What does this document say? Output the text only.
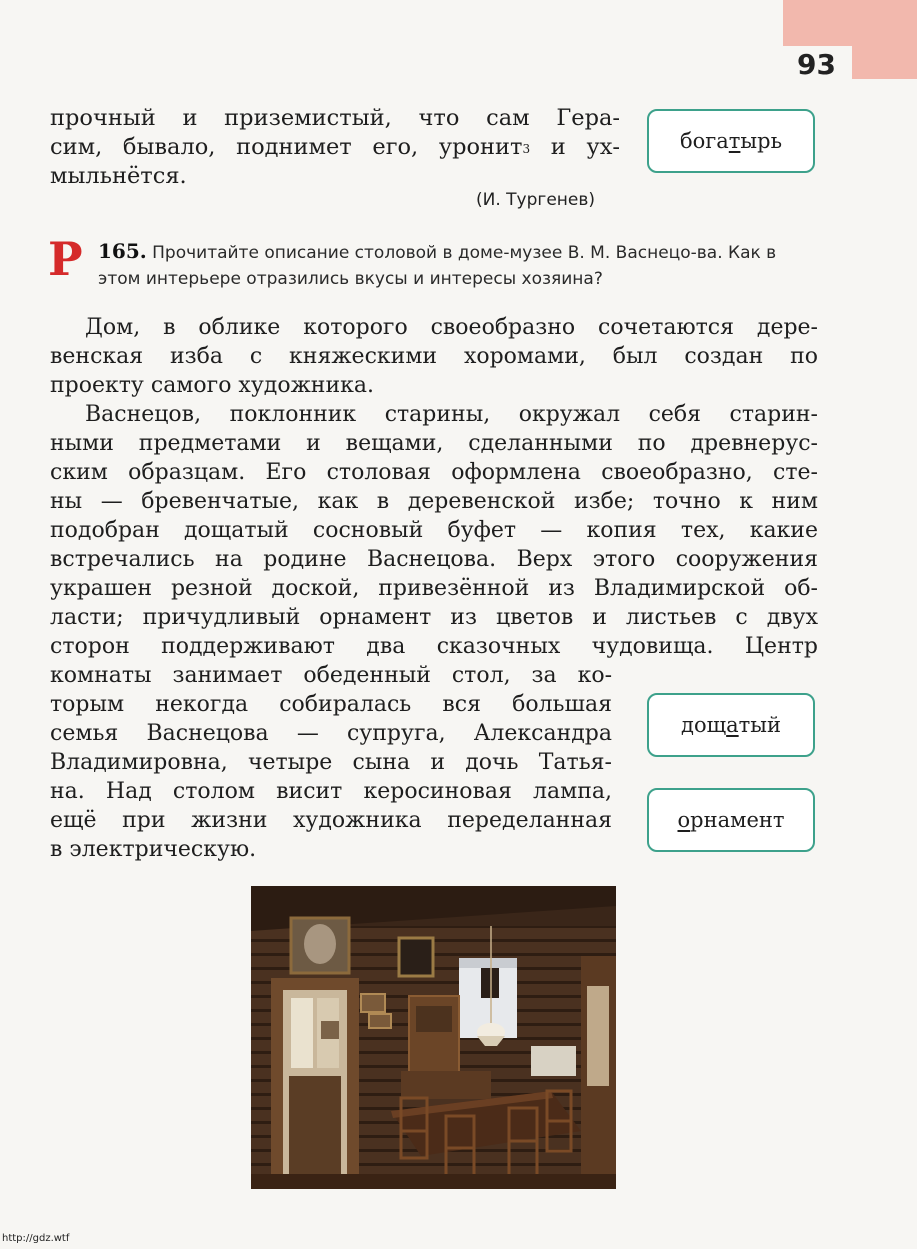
93
прочный и приземистый, что сам Гера-
сим, бывало, поднимет его, уронит$^3$ и ух-
мыльнётся.
(И. Тургенев)
бога т ырь
Р 165. Прочитайте описание столовой в доме-музее В. М. Васнецо-ва. Как в этом интерьере отразились вкусы и интересы хозяина?
Дом, в облике которого своеобразно сочетаются дере-
венская изба с княжескими хоромами, был создан по
проекту самого художника.
Васнецов, поклонник старины, окружал себя старин-
ными предметами и вещами, сделанными по древнерус-
ским образцам. Его столовая оформлена своеобразно, сте-
ны — бревенчатые, как в деревенской избе; точно к ним
подобран дощатый сосновый буфет — копия тех, какие
встречались на родине Васнецова. Верх этого сооружения
украшен резной доской, привезённой из Владимирской об-
ласти; причудливый орнамент из цветов и листьев с двух
сторон поддерживают два сказочных чудовища. Центр
комнаты занимает обеденный стол, за ко-
торым некогда собиралась вся большая
семья Васнецова — супруга, Александра
Владимировна, четыре сына и дочь Татья-
на. Над столом висит керосиновая лампа,
ещё при жизни художника переделанная
в электрическую.
дощ а тый
о рнамент
http://gdz.wtf
